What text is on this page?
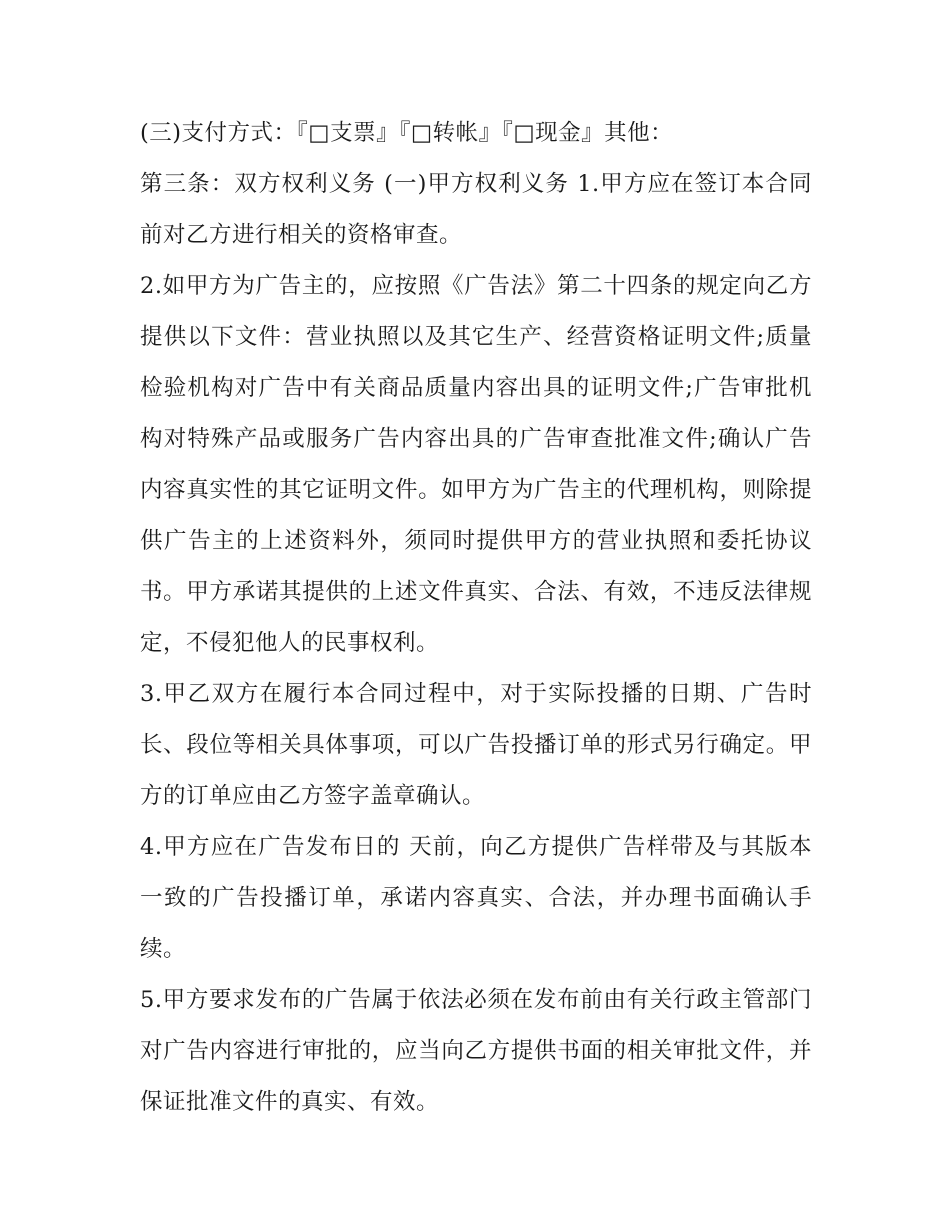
(三)支付方式：『□支票』『□转帐』『□现金』其他：

第三条：双方权利义务 (一)甲方权利义务 1.甲方应在签订本合同前对乙方进行相关的资格审查。

2.如甲方为广告主的，应按照《广告法》第二十四条的规定向乙方提供以下文件：营业执照以及其它生产、经营资格证明文件;质量检验机构对广告中有关商品质量内容出具的证明文件;广告审批机构对特殊产品或服务广告内容出具的广告审查批准文件;确认广告内容真实性的其它证明文件。如甲方为广告主的代理机构，则除提供广告主的上述资料外，须同时提供甲方的营业执照和委托协议书。甲方承诺其提供的上述文件真实、合法、有效，不违反法律规定，不侵犯他人的民事权利。

3.甲乙双方在履行本合同过程中，对于实际投播的日期、广告时长、段位等相关具体事项，可以广告投播订单的形式另行确定。甲方的订单应由乙方签字盖章确认。

4.甲方应在广告发布日的 天前，向乙方提供广告样带及与其版本一致的广告投播订单，承诺内容真实、合法，并办理书面确认手续。

5.甲方要求发布的广告属于依法必须在发布前由有关行政主管部门对广告内容进行审批的，应当向乙方提供书面的相关审批文件，并保证批准文件的真实、有效。
